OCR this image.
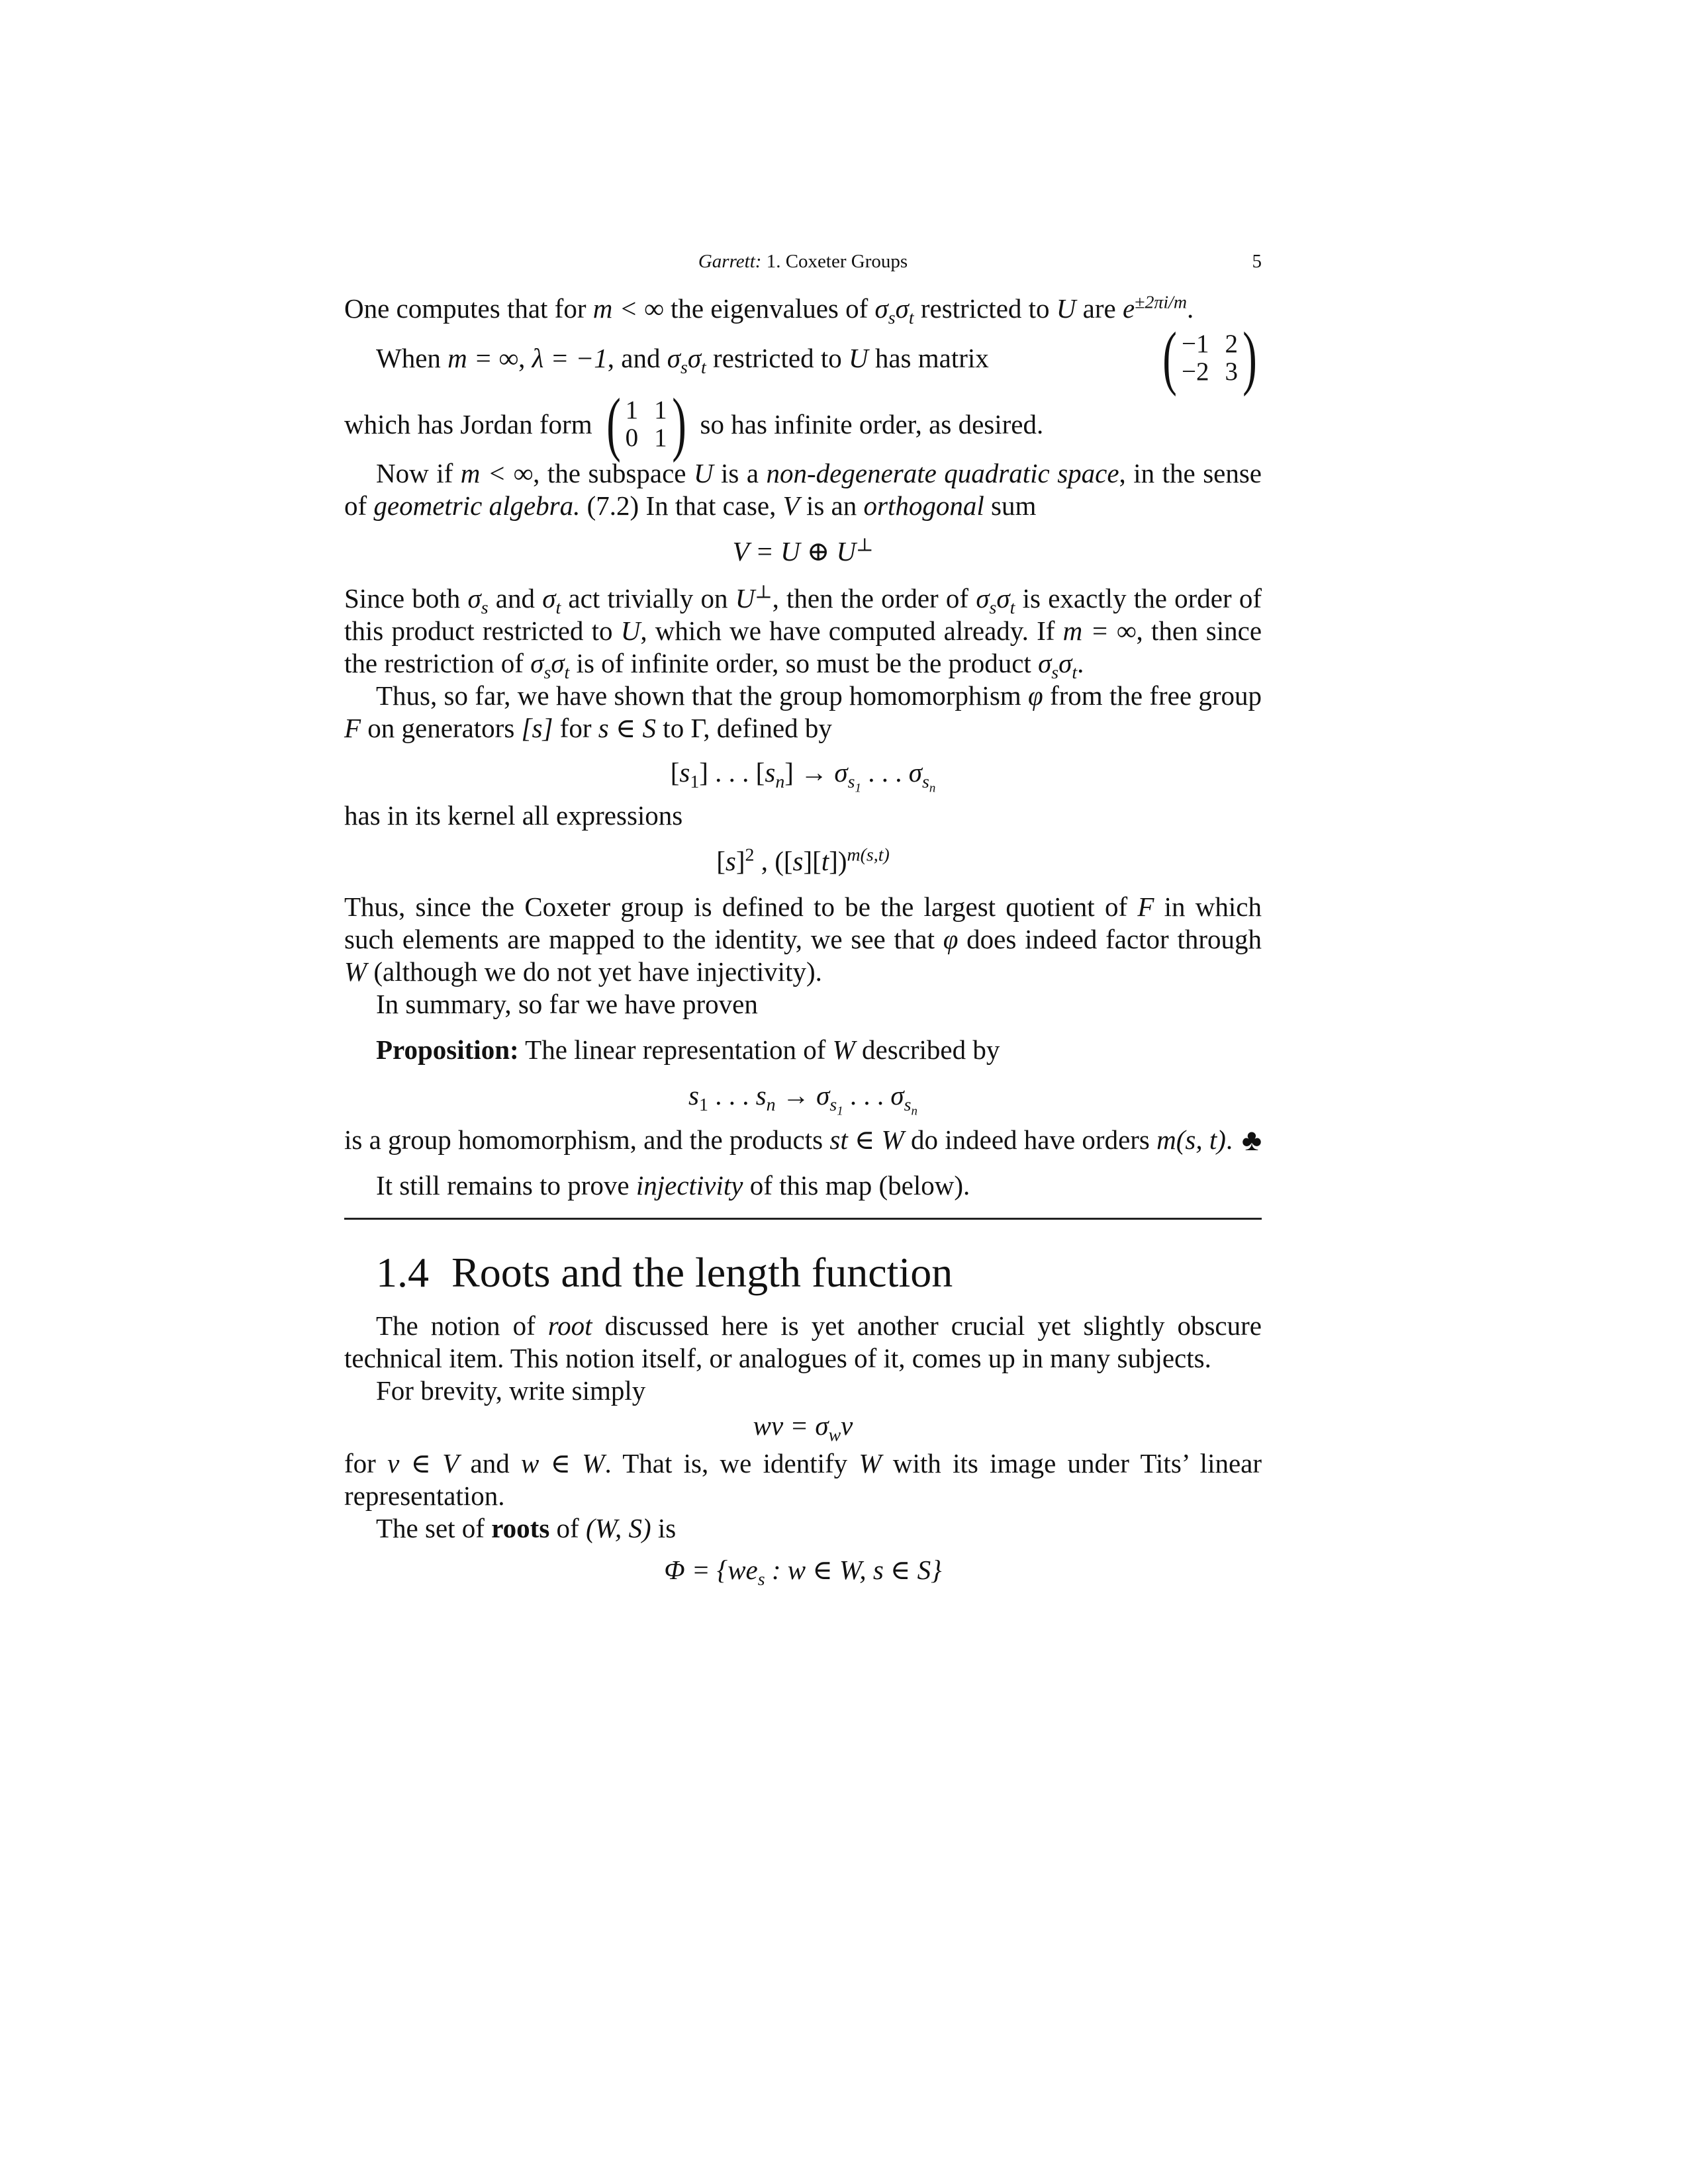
Garrett: 1. Coxeter Groups	5

One computes that for m < ∞ the eigenvalues of $\sigma_s\sigma_t$ restricted to U are $e^{\pm 2\pi i/m}$.

When m = ∞, λ = −1, and $\sigma_s\sigma_t$ restricted to U has matrix ( −1 2
−2 3 )
which has Jordan form ( 1 1
0 1 ) so has infinite order, as desired.

Now if m < ∞, the subspace U is a non-degenerate quadratic space, in the sense of geometric algebra. (7.2) In that case, V is an orthogonal sum

V = U ⊕ U⊥

Since both $\sigma_s$ and $\sigma_t$ act trivially on U⊥, then the order of $\sigma_s\sigma_t$ is exactly the order of this product restricted to U, which we have computed already. If m = ∞, then since the restriction of $\sigma_s\sigma_t$ is of infinite order, so must be the product $\sigma_s\sigma_t$.

Thus, so far, we have shown that the group homomorphism φ from the free group F on generators [s] for s ∈ S to Γ, defined by

$[s_1]$ . . . $[s_n] \to \sigma_{s_1}$ . . . $\sigma_{s_n}$

has in its kernel all expressions

$[s]^2$ , $([s][t])^{m(s,t)}$

Thus, since the Coxeter group is defined to be the largest quotient of F in which such elements are mapped to the identity, we see that φ does indeed factor through W (although we do not yet have injectivity).

In summary, so far we have proven

Proposition: The linear representation of W described by

$s_1$ . . . $s_n \to \sigma_{s_1}$ . . . $\sigma_{s_n}$

is a group homomorphism, and the products st ∈ W do indeed have orders m(s, t). ♣

It still remains to prove injectivity of this map (below).

1.4 Roots and the length function

The notion of root discussed here is yet another crucial yet slightly obscure technical item. This notion itself, or analogues of it, comes up in many subjects.

For brevity, write simply

wv = $\sigma_wv$

for v ∈ V and w ∈ W. That is, we identify W with its image under Tits’ linear representation.

The set of roots of (W, S) is

$\Phi = \{we_s$ : w ∈ W, s ∈ S}
